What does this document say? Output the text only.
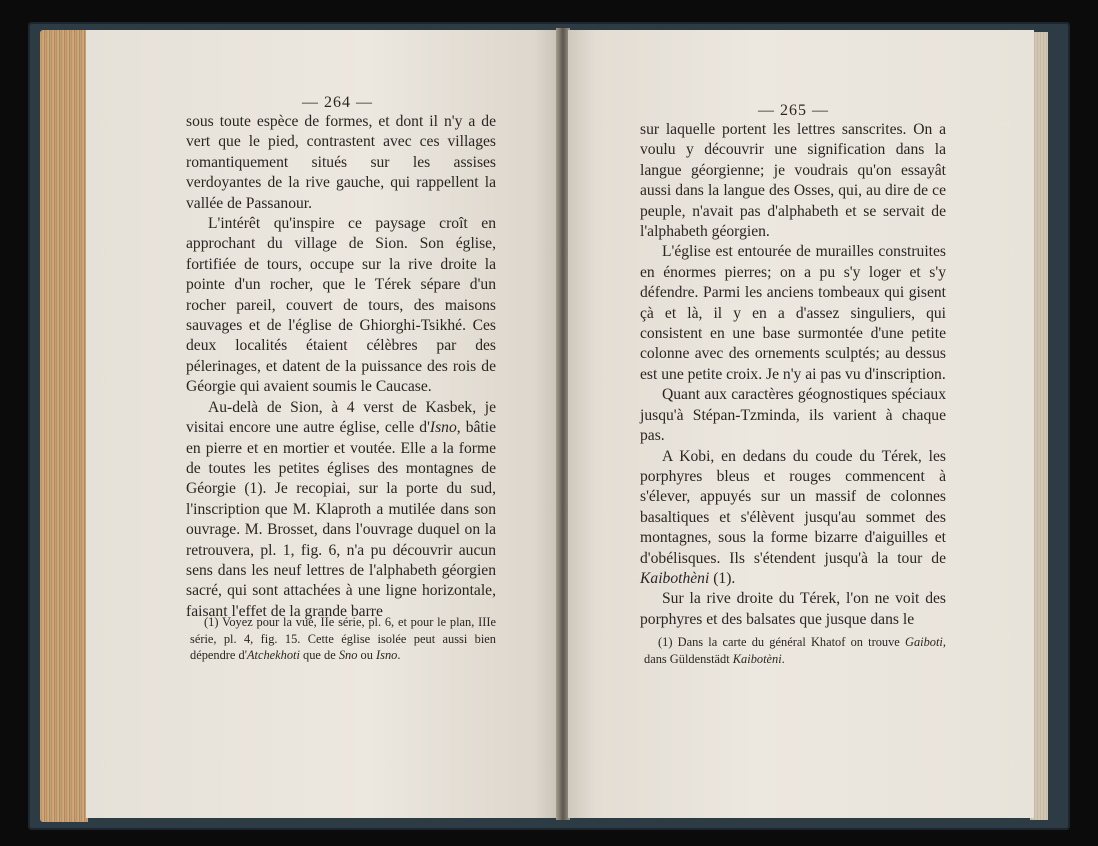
— 264 —

sous toute espèce de formes, et dont il n'y a de vert que le pied, contrastent avec ces villages romantiquement situés sur les assises verdoyantes de la rive gauche, qui rappellent la vallée de Passanour.

L'intérêt qu'inspire ce paysage croît en approchant du village de Sion. Son église, fortifiée de tours, occupe sur la rive droite la pointe d'un rocher, que le Térek sépare d'un rocher pareil, couvert de tours, des maisons sauvages et de l'église de Ghiorghi-Tsikhé. Ces deux localités étaient célèbres par des pélerinages, et datent de la puissance des rois de Géorgie qui avaient soumis le Caucase.

Au-delà de Sion, à 4 verst de Kasbek, je visitai encore une autre église, celle d'Isno, bâtie en pierre et en mortier et voutée. Elle a la forme de toutes les petites églises des montagnes de Géorgie (1). Je recopiai, sur la porte du sud, l'inscription que M. Klaproth a mutilée dans son ouvrage. M. Brosset, dans l'ouvrage duquel on la retrouvera, pl. 1, fig. 6, n'a pu découvrir aucun sens dans les neuf lettres de l'alphabeth géorgien sacré, qui sont attachées à une ligne horizontale, faisant l'effet de la grande barre

(1) Voyez pour la vue, IIe série, pl. 6, et pour le plan, IIIe série, pl. 4, fig. 15. Cette église isolée peut aussi bien dépendre d'Atchekhoti que de Sno ou Isno.

— 265 —

sur laquelle portent les lettres sanscrites. On a voulu y découvrir une signification dans la langue géorgienne; je voudrais qu'on essayât aussi dans la langue des Osses, qui, au dire de ce peuple, n'avait pas d'alphabeth et se servait de l'alphabeth géorgien.

L'église est entourée de murailles construites en énormes pierres; on a pu s'y loger et s'y défendre. Parmi les anciens tombeaux qui gisent çà et là, il y en a d'assez singuliers, qui consistent en une base surmontée d'une petite colonne avec des ornements sculptés; au dessus est une petite croix. Je n'y ai pas vu d'inscription.

Quant aux caractères géognostiques spéciaux jusqu'à Stépan-Tzminda, ils varient à chaque pas.

A Kobi, en dedans du coude du Térek, les porphyres bleus et rouges commencent à s'élever, appuyés sur un massif de colonnes basaltiques et s'élèvent jusqu'au sommet des montagnes, sous la forme bizarre d'aiguilles et d'obélisques. Ils s'étendent jusqu'à la tour de Kaibothèni (1).

Sur la rive droite du Térek, l'on ne voit des porphyres et des balsates que jusque dans le

(1) Dans la carte du général Khatof on trouve Gaiboti, dans Güldenstädt Kaibotèni.
